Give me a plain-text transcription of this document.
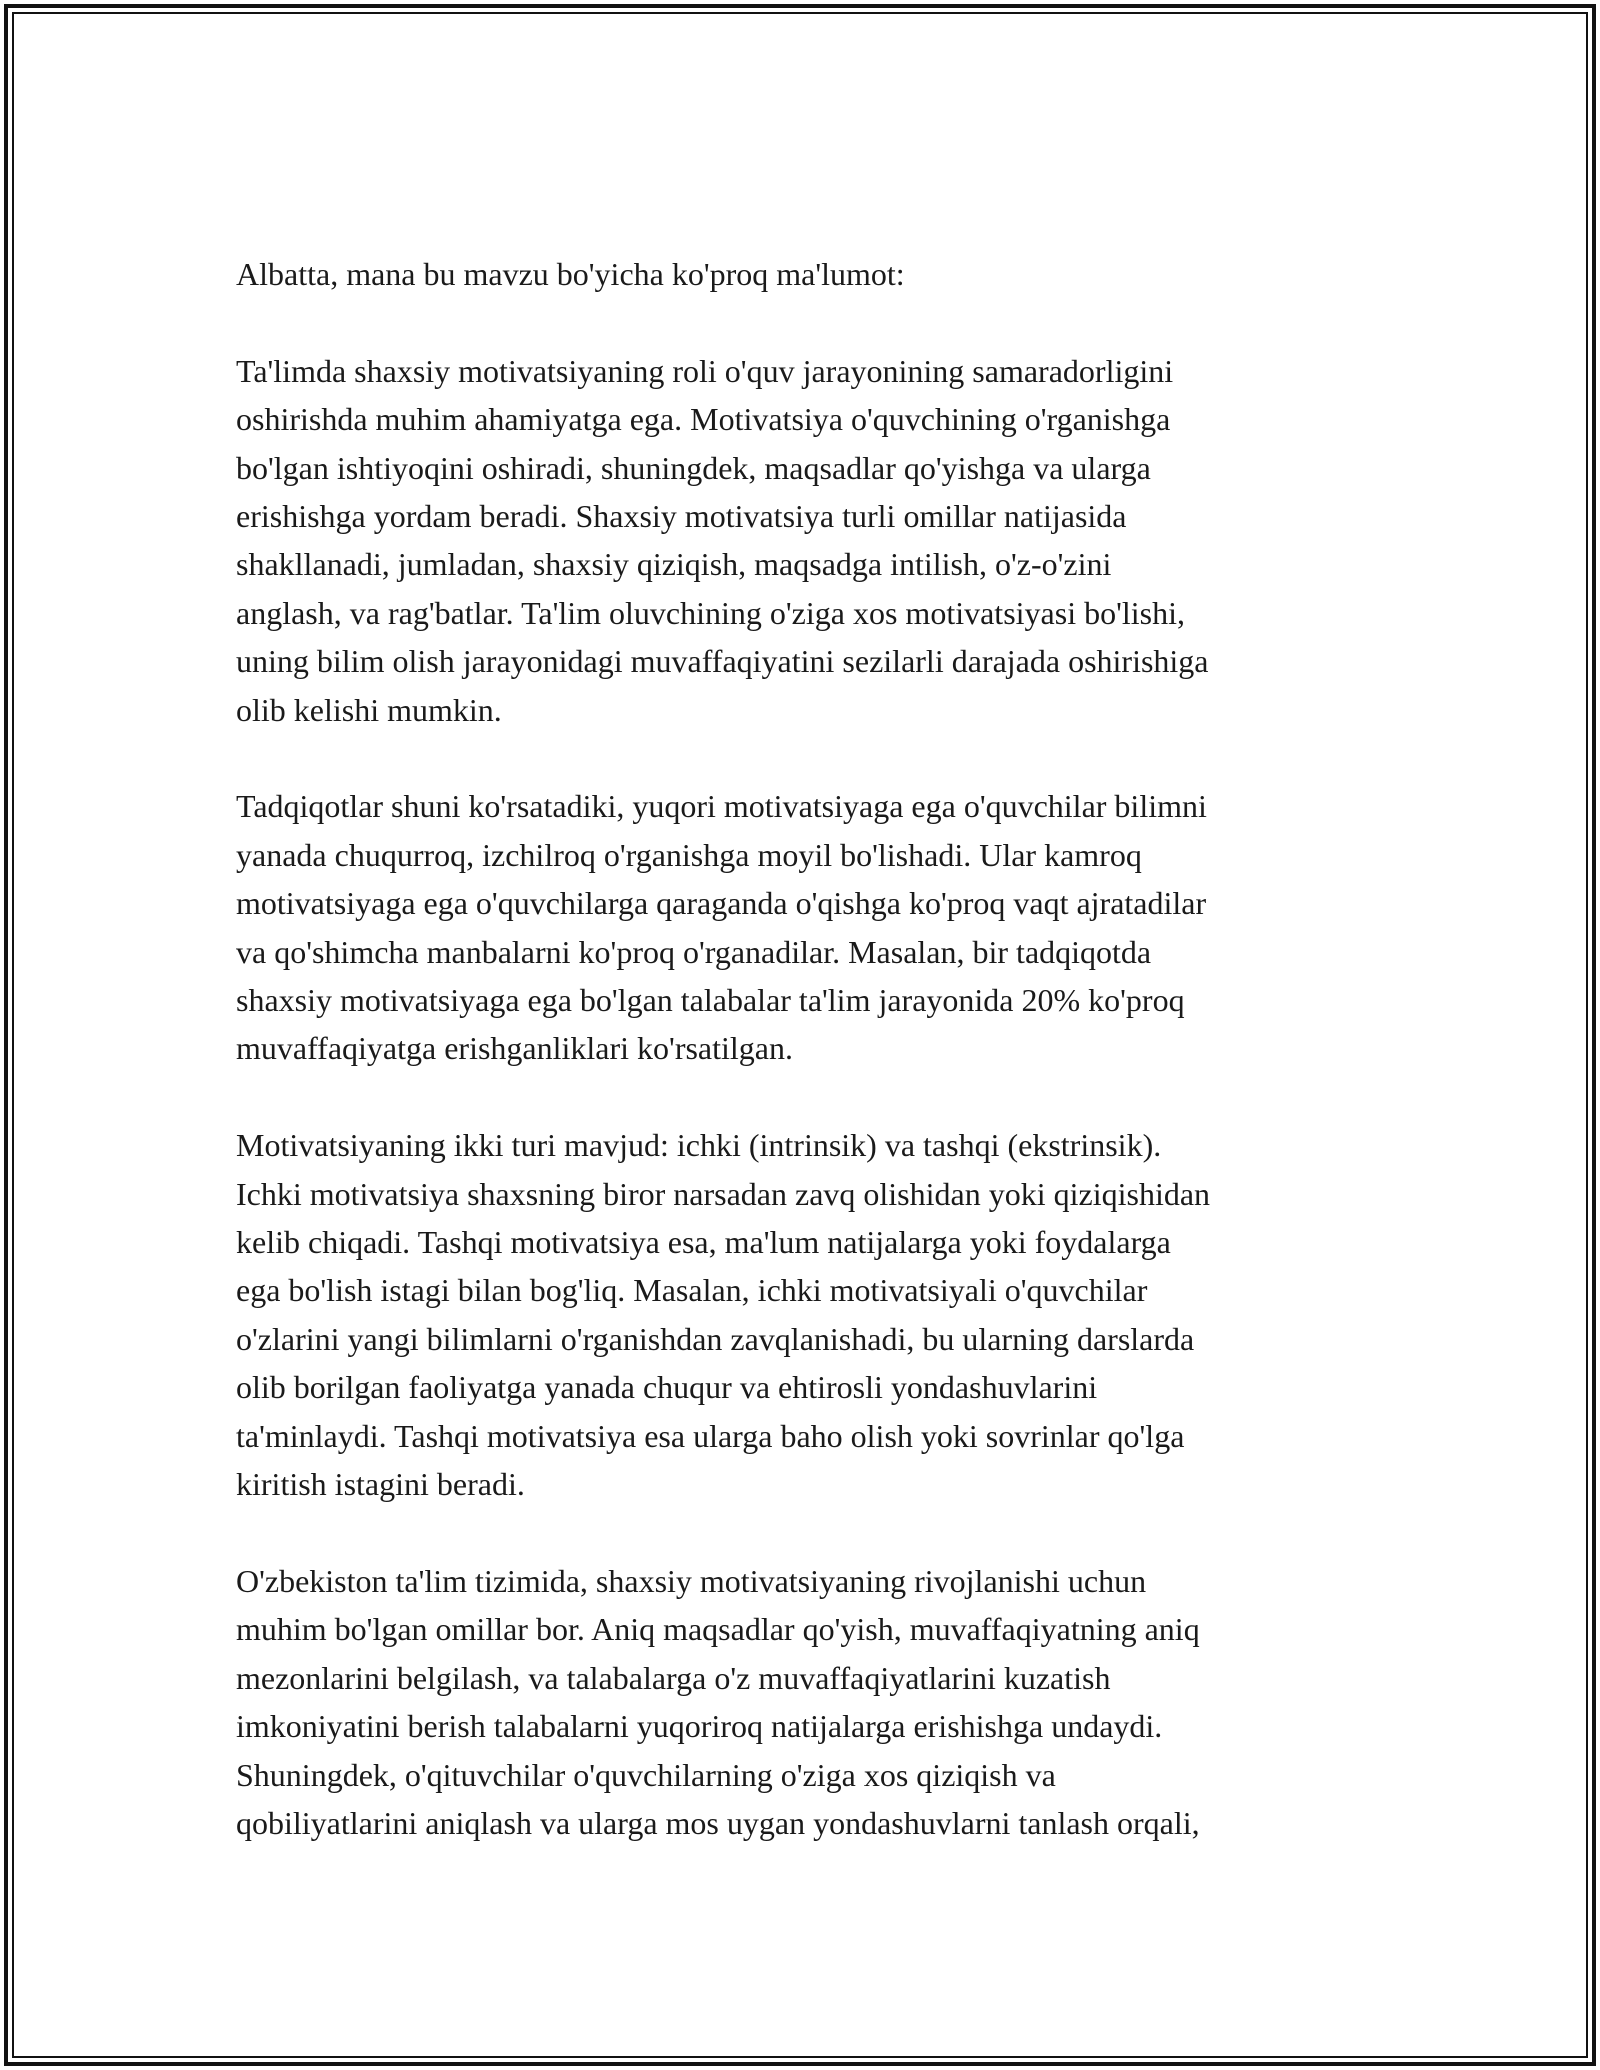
Albatta, mana bu mavzu bo'yicha ko'proq ma'lumot:

Ta'limda shaxsiy motivatsiyaning roli o'quv jarayonining samaradorligini
oshirishda muhim ahamiyatga ega. Motivatsiya o'quvchining o'rganishga
bo'lgan ishtiyoqini oshiradi, shuningdek, maqsadlar qo'yishga va ularga
erishishga yordam beradi. Shaxsiy motivatsiya turli omillar natijasida
shakllanadi, jumladan, shaxsiy qiziqish, maqsadga intilish, o'z-o'zini
anglash, va rag'batlar. Ta'lim oluvchining o'ziga xos motivatsiyasi bo'lishi,
uning bilim olish jarayonidagi muvaffaqiyatini sezilarli darajada oshirishiga
olib kelishi mumkin.

Tadqiqotlar shuni ko'rsatadiki, yuqori motivatsiyaga ega o'quvchilar bilimni
yanada chuqurroq, izchilroq o'rganishga moyil bo'lishadi. Ular kamroq
motivatsiyaga ega o'quvchilarga qaraganda o'qishga ko'proq vaqt ajratadilar
va qo'shimcha manbalarni ko'proq o'rganadilar. Masalan, bir tadqiqotda
shaxsiy motivatsiyaga ega bo'lgan talabalar ta'lim jarayonida 20% ko'proq
muvaffaqiyatga erishganliklari ko'rsatilgan.

Motivatsiyaning ikki turi mavjud: ichki (intrinsik) va tashqi (ekstrinsik).
Ichki motivatsiya shaxsning biror narsadan zavq olishidan yoki qiziqishidan
kelib chiqadi. Tashqi motivatsiya esa, ma'lum natijalarga yoki foydalarga
ega bo'lish istagi bilan bog'liq. Masalan, ichki motivatsiyali o'quvchilar
o'zlarini yangi bilimlarni o'rganishdan zavqlanishadi, bu ularning darslarda
olib borilgan faoliyatga yanada chuqur va ehtirosli yondashuvlarini
ta'minlaydi. Tashqi motivatsiya esa ularga baho olish yoki sovrinlar qo'lga
kiritish istagini beradi.

O'zbekiston ta'lim tizimida, shaxsiy motivatsiyaning rivojlanishi uchun
muhim bo'lgan omillar bor. Aniq maqsadlar qo'yish, muvaffaqiyatning aniq
mezonlarini belgilash, va talabalarga o'z muvaffaqiyatlarini kuzatish
imkoniyatini berish talabalarni yuqoriroq natijalarga erishishga undaydi.
Shuningdek, o'qituvchilar o'quvchilarning o'ziga xos qiziqish va
qobiliyatlarini aniqlash va ularga mos uygan yondashuvlarni tanlash orqali,
